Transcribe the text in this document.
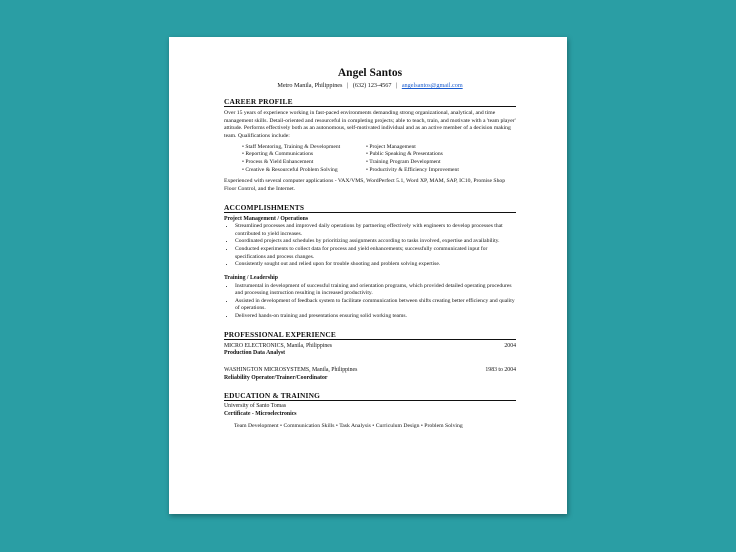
Angel Santos
Metro Manila, Philippines | (632) 123-4567 | angelsantos@gmail.com
CAREER PROFILE

Over 15 years of experience working in fast-paced environments demanding strong organizational, analytical, and time management skills. Detail-oriented and resourceful in completing projects; able to teach, train, and motivate with a 'team player' attitude. Performs effectively both as an autonomous, self-motivated individual and as an active member of a decision making team. Qualifications include:

• Staff Mentoring, Training & Development
• Reporting & Communications
• Process & Yield Enhancement
• Creative & Resourceful Problem Solving
• Project Management
• Public Speaking & Presentations
• Training Program Development
• Productivity & Efficiency Improvement

Experienced with several computer applications - VAX/VMS, WordPerfect 5.1, Word XP, MAM, SAP, IC10, Promise Shop Floor Control, and the Internet.

ACCOMPLISHMENTS
Project Management / Operations
• Streamlined processes and improved daily operations by partnering effectively with engineers to develop processes that contributed to yield increases.
• Coordinated projects and schedules by prioritizing assignments according to tasks involved, expertise and availability.
• Conducted experiments to collect data for process and yield enhancements; successfully communicated input for specifications and process changes.
• Consistently sought out and relied upon for trouble shooting and problem solving expertise.
Training / Leadership
• Instrumental in development of successful training and orientation programs, which provided detailed operating procedures and processing instruction resulting in increased productivity.
• Assisted in development of feedback system to facilitate communication between shifts creating better efficiency and quality of operations.
• Delivered hands-on training and presentations ensuring solid working teams.
PROFESSIONAL EXPERIENCE
MICRO ELECTRONICS, Manila, Philippines	2004
Production Data Analyst
WASHINGTON MICROSYSTEMS, Manila, Philippines	1983 to 2004
Reliability Operator/Trainer/Coordinator
EDUCATION & TRAINING
University of Santo Tomas
Certificate - Microelectronics
Team Development • Communication Skills • Task Analysis • Curriculum Design • Problem Solving
